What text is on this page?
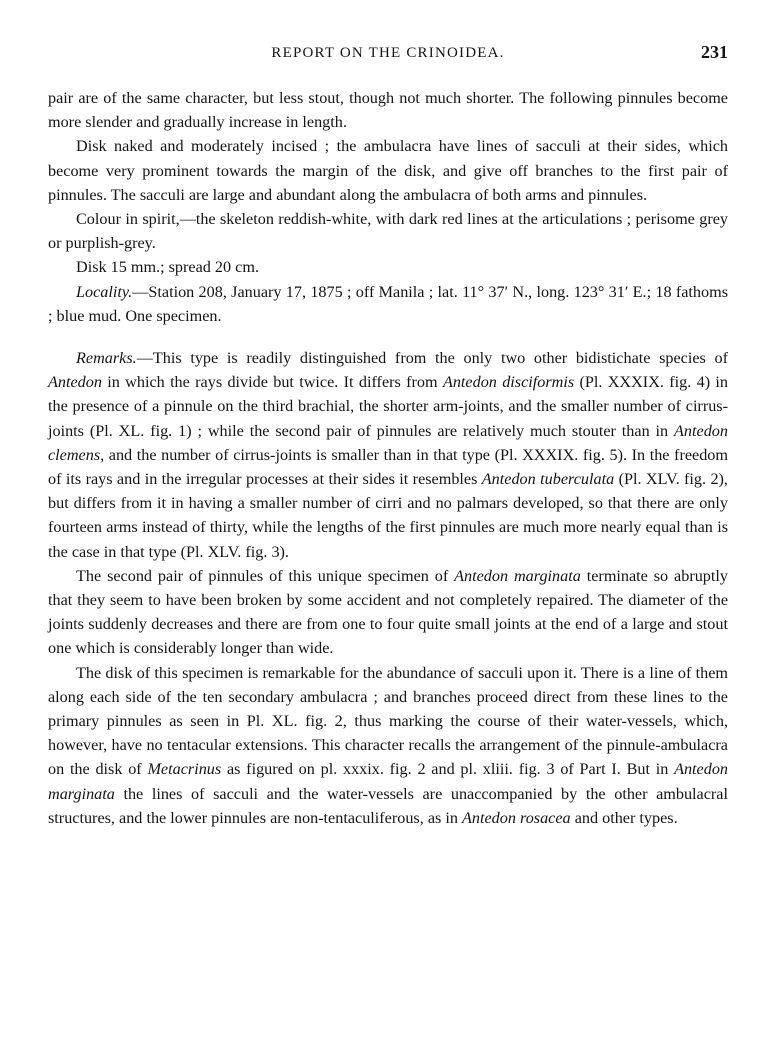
REPORT ON THE CRINOIDEA.	231

pair are of the same character, but less stout, though not much shorter. The following pinnules become more slender and gradually increase in length.

Disk naked and moderately incised ; the ambulacra have lines of sacculi at their sides, which become very prominent towards the margin of the disk, and give off branches to the first pair of pinnules. The sacculi are large and abundant along the ambulacra of both arms and pinnules.

Colour in spirit,—the skeleton reddish-white, with dark red lines at the articulations ; perisome grey or purplish-grey.

Disk 15 mm.; spread 20 cm.

Locality.—Station 208, January 17, 1875 ; off Manila ; lat. 11° 37′ N., long. 123° 31′ E.; 18 fathoms ; blue mud. One specimen.

Remarks.—This type is readily distinguished from the only two other bidistichate species of Antedon in which the rays divide but twice. It differs from Antedon disciformis (Pl. XXXIX. fig. 4) in the presence of a pinnule on the third brachial, the shorter arm-joints, and the smaller number of cirrus-joints (Pl. XL. fig. 1) ; while the second pair of pinnules are relatively much stouter than in Antedon clemens, and the number of cirrus-joints is smaller than in that type (Pl. XXXIX. fig. 5). In the freedom of its rays and in the irregular processes at their sides it resembles Antedon tuberculata (Pl. XLV. fig. 2), but differs from it in having a smaller number of cirri and no palmars developed, so that there are only fourteen arms instead of thirty, while the lengths of the first pinnules are much more nearly equal than is the case in that type (Pl. XLV. fig. 3).

The second pair of pinnules of this unique specimen of Antedon marginata terminate so abruptly that they seem to have been broken by some accident and not completely repaired. The diameter of the joints suddenly decreases and there are from one to four quite small joints at the end of a large and stout one which is considerably longer than wide.

The disk of this specimen is remarkable for the abundance of sacculi upon it. There is a line of them along each side of the ten secondary ambulacra ; and branches proceed direct from these lines to the primary pinnules as seen in Pl. XL. fig. 2, thus marking the course of their water-vessels, which, however, have no tentacular extensions. This character recalls the arrangement of the pinnule-ambulacra on the disk of Metacrinus as figured on pl. xxxix. fig. 2 and pl. xliii. fig. 3 of Part I. But in Antedon marginata the lines of sacculi and the water-vessels are unaccompanied by the other ambulacral structures, and the lower pinnules are non-tentaculiferous, as in Antedon rosacea and other types.
